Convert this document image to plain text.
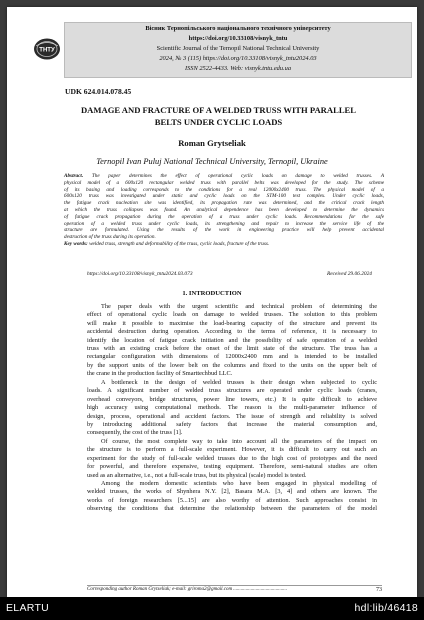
ТНТУ
Вісник Тернопільського національного технічного університету
https://doi.org/10.33108/visnyk_tntu
Scientific Journal of the Ternopil National Technical University
2024, № 3 (115) https://doi.org/10.33108/visnyk_tntu2024.03
ISSN 2522-4433. Web: visnyk.tntu.edu.ua
UDK 624.014.078.45
DAMAGE AND FRACTURE OF A WELDED TRUSS WITH PARALLEL
BELTS UNDER CYCLIC LOADS
Roman Grytseliak
Ternopil Ivan Puluj National Technical University, Ternopil, Ukraine
Abstract. The paper determines the effect of operational cyclic loads on damage to welded trusses. A
physical model of a 600x120 rectangular welded truss with parallel belts was developed for the study. The scheme
of its basing and loading corresponds to the conditions for a real 12000x2400 truss. The physical model of a
600x120 truss was investigated under static and cyclic loads on the STM-100 test complex. Under cyclic loads,
the fatigue crack nucleation site was identified, its propagation rate was determined, and the critical crack length
at which the truss collapses was found. An analytical dependence has been developed to determine the dynamics
of fatigue crack propagation during the operation of a truss under cyclic loads. Recommendations for the safe
operation of a welded truss under cyclic loads, its strengthening and repair to increase the service life of the
structure are formulated. Using the results of the work in engineering practice will help prevent accidental
destruction of the truss during its operation.
Key words: welded truss, strength and deformability of the truss, cyclic loads, fracture of the truss.
https://doi.org/10.33108/visnyk_tntu2024.03.073	Received 29.06.2024
1. INTRODUCTION
The paper deals with the urgent scientific and technical problem of determining the
effect of operational cyclic loads on damage to welded trusses. The solution to this problem
will make it possible to maximise the load-bearing capacity of the structure and prevent its
accidental destruction during operation. According to the terms of reference, it is necessary to
identify the location of fatigue crack initiation and the possibility of safe operation of a welded
truss with an existing crack before the onset of the limit state of the structure. The truss has a
rectangular configuration with dimensions of 12000x2400 mm and is intended to be installed
by the support units of the lower belt on the columns and fixed to the units on the upper belt of
the crane in the production facility of Smarttechbud LLC.
A bottleneck in the design of welded trusses is their design when subjected to cyclic
loads. A significant number of welded truss structures are operated under cyclic loads (cranes,
overhead conveyors, bridge structures, power line towers, etc.) It is quite difficult to achieve
high accuracy using computational methods. The reason is the multi-parameter influence of
design, process, operational and accident factors. The issue of strength and reliability is solved
by introducing additional safety factors that increase the material consumption and,
consequently, the cost of the truss [1].
Of course, the most complete way to take into account all the parameters of the impact on
the structure is to perform a full-scale experiment. However, it is difficult to carry out such an
experiment for the study of full-scale welded trusses due to the high cost of prototypes and the need
for powerful, and therefore expensive, testing equipment. Therefore, semi-natural studies are often
used as an alternative, i.e., not a full-scale truss, but its physical (scale) model is tested.
Among the modern domestic scientists who have been engaged in physical modelling of
welded trusses, the works of Shynhera N.Y. [2], Basara M.A. [3, 4] and others are known. The
works of foreign researchers [5...15] are also worthy of attention. Such approaches consist in
observing the conditions that determine the relationship between the parameters of the model
Corresponding author Roman Grytseliak; e-mail: griroma2@gmail.com ...........................................	73
ELARTU	hdl:lib/46418
